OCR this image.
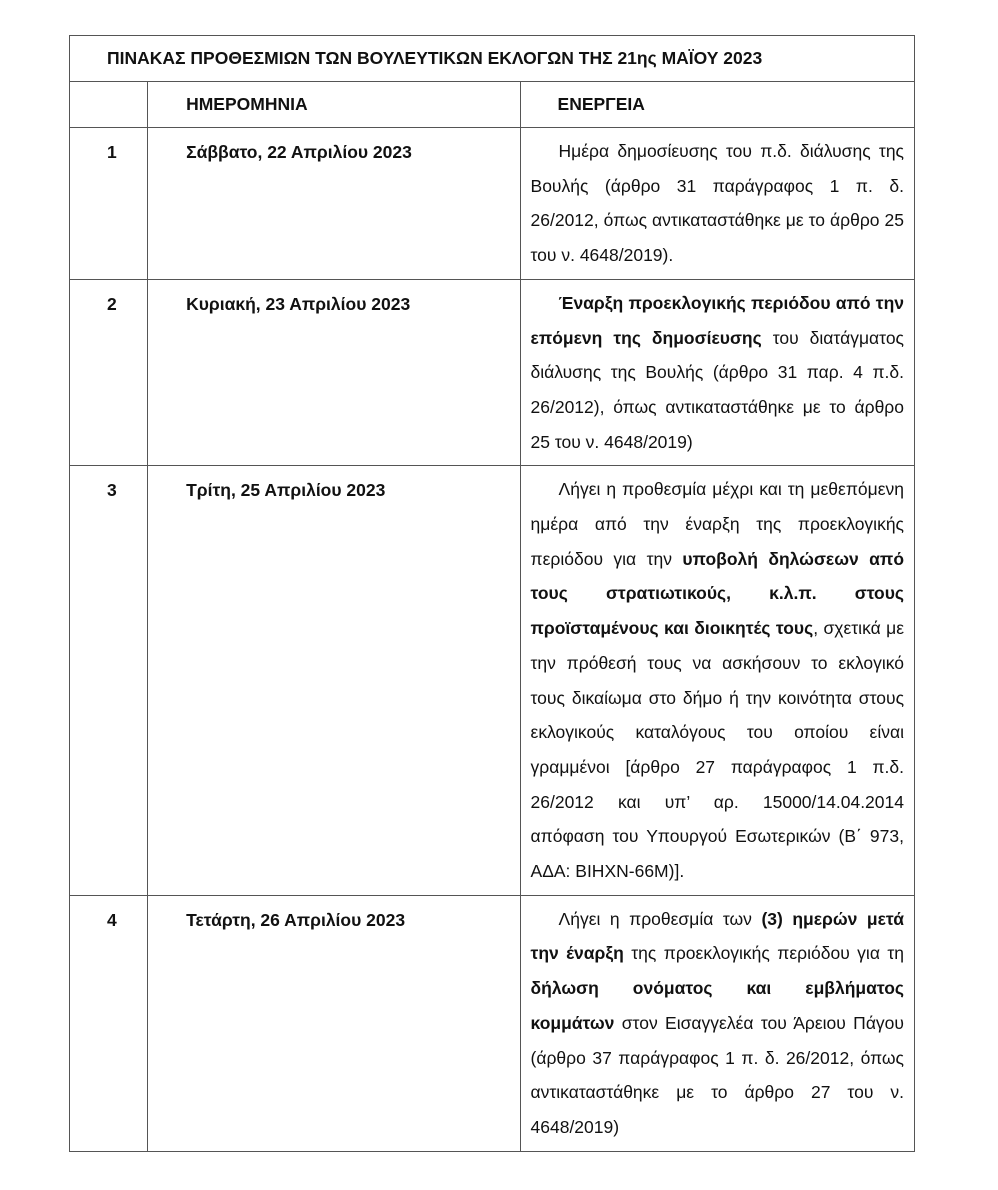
ΠΙΝΑΚΑΣ ΠΡΟΘΕΣΜΙΩΝ ΤΩΝ ΒΟΥΛΕΥΤΙΚΩΝ ΕΚΛΟΓΩΝ ΤΗΣ 21ης ΜΑΪΟΥ 2023		
	ΗΜΕΡΟΜΗΝΙΑ	ΕΝΕΡΓΕΙΑ
1	Σάββατο, 22 Απριλίου 2023	Ημέρα δημοσίευσης του π.δ. διάλυσης της Βουλής (άρθρο 31 παράγραφος 1 π. δ. 26/2012, όπως αντικαταστάθηκε με το άρθρο 25 του ν. 4648/2019).

2	Κυριακή, 23 Απριλίου 2023	Έναρξη προεκλογικής περιόδου από την επόμενη της δημοσίευσης του διατάγματος διάλυσης της Βουλής (άρθρο 31 παρ. 4 π.δ. 26/2012), όπως αντικαταστάθηκε με το άρθρο 25 του ν. 4648/2019)

3	Τρίτη, 25 Απριλίου 2023	Λήγει η προθεσμία μέχρι και τη μεθεπόμενη ημέρα από την έναρξη της προεκλογικής περιόδου για την υποβολή δηλώσεων από τους στρατιωτικούς, κ.λ.π. στους προϊσταμένους και διοικητές τους, σχετικά με την πρόθεσή τους να ασκήσουν το εκλογικό τους δικαίωμα στο δήμο ή την κοινότητα στους εκλογικούς καταλόγους του οποίου είναι γραμμένοι [άρθρο 27 παράγραφος 1 π.δ. 26/2012 και υπ’ αρ. 15000/14.04.2014 απόφαση του Υπουργού Εσωτερικών (Β΄ 973, ΑΔΑ: ΒΙΗΧΝ-66Μ)].

4	Τετάρτη, 26 Απριλίου 2023	Λήγει η προθεσμία των (3) ημερών μετά την έναρξη της προεκλογικής περιόδου για τη δήλωση ονόματος και εμβλήματος κομμάτων στον Εισαγγελέα του Άρειου Πάγου (άρθρο 37 παράγραφος 1 π. δ. 26/2012, όπως αντικαταστάθηκε με το άρθρο 27 του ν. 4648/2019)
